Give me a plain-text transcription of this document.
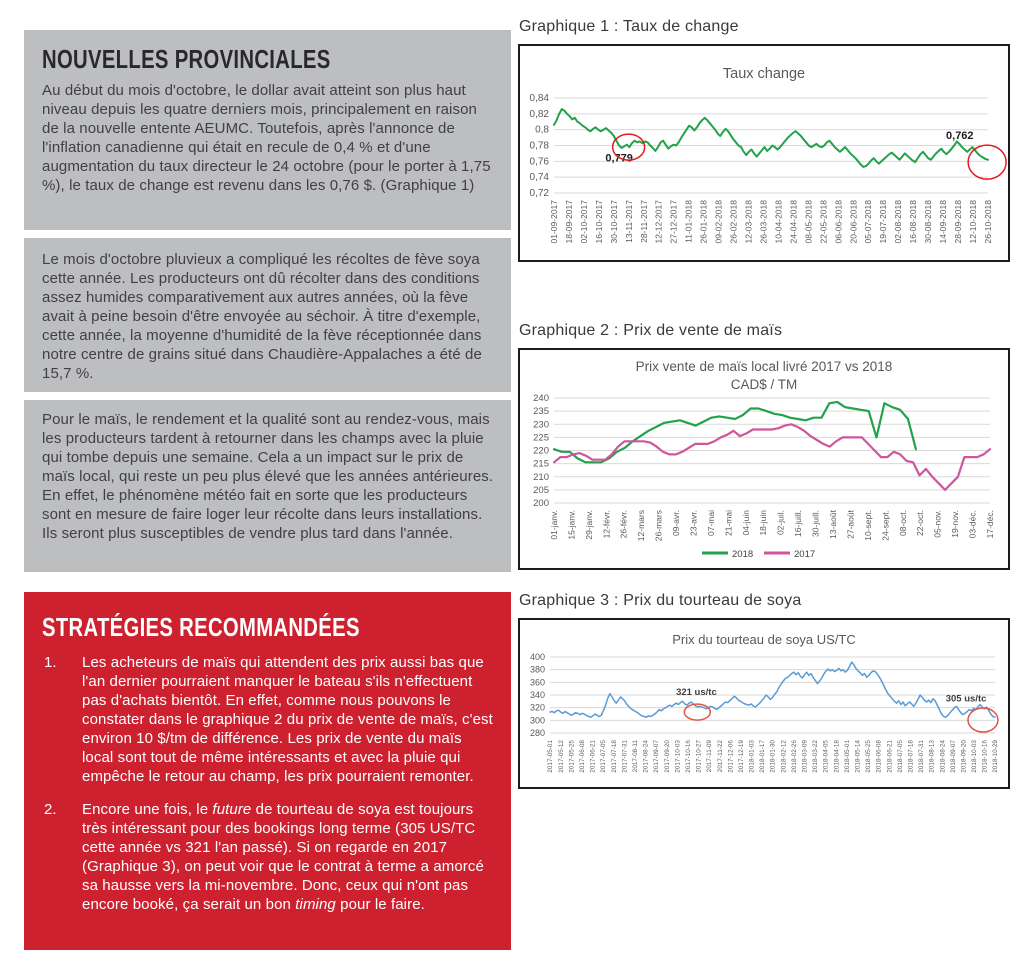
NOUVELLES PROVINCIALES

Au début du mois d'octobre, le dollar avait atteint son plus haut niveau depuis les quatre derniers mois, principalement en raison de la nouvelle entente AEUMC. Toutefois, après l'annonce de l'inflation canadienne qui était en recule de 0,4 % et d'une augmentation du taux directeur le 24 octobre (pour le porter à 1,75 %), le taux de change est revenu dans les 0,76 $. (Graphique 1)

Le mois d'octobre pluvieux a compliqué les récoltes de fève soya cette année. Les producteurs ont dû récolter dans des conditions assez humides comparativement aux autres années, où la fève avait à peine besoin d'être envoyée au séchoir. À titre d'exemple, cette année, la moyenne d'humidité de la fève réceptionnée dans notre centre de grains situé dans Chaudière-Appalaches a été de 15,7 %.

Pour le maïs, le rendement et la qualité sont au rendez-vous, mais les producteurs tardent à retourner dans les champs avec la pluie qui tombe depuis une semaine. Cela a un impact sur le prix de maïs local, qui reste un peu plus élevé que les années antérieures. En effet, le phénomène météo fait en sorte que les producteurs sont en mesure de faire loger leur récolte dans leurs installations. Ils seront plus susceptibles de vendre plus tard dans l'année.

STRATÉGIES RECOMMANDÉES
1.	Les acheteurs de maïs qui attendent des prix aussi bas que l'an dernier pourraient manquer le bateau s'ils n'effectuent pas d'achats bientôt. En effet, comme nous pouvons le constater dans le graphique 2 du prix de vente de maïs, c'est environ 10 $/tm de différence. Les prix de vente du maïs local sont tout de même intéressants et avec la pluie qui empêche le retour au champ, les prix pourraient remonter.
2.	Encore une fois, le future de tourteau de soya est toujours très intéressant pour des bookings long terme (305 US/TC cette année vs 321 l'an passé). Si on regarde en 2017 (Graphique 3), on peut voir que le contrat à terme a amorcé sa hausse vers la mi-novembre. Donc, ceux qui n'ont pas encore booké, ça serait un bon timing pour le faire.
Graphique 1 : Taux de change
Taux change
0,84
0,82
0,8
0,78
0,76
0,74
0,72
01-09-2017 18-09-2017 02-10-2017 16-10-2017 30-10-2017 13-11-2017 28-11-2017 12-12-2017 27-12-2017 11-01-2018 26-01-2018 09-02-2018 26-02-2018 12-03-2018 26-03-2018 10-04-2018 24-04-2018 08-05-2018 22-05-2018 06-06-2018 20-06-2018 05-07-2018 19-07-2018 02-08-2018 16-08-2018 30-08-2018 14-09-2018 28-09-2018 12-10-2018 26-10-2018
0,779
0,762
Graphique 2 : Prix de vente de maïs
Prix vente de maïs local livré 2017 vs 2018
CAD$ / TM
240
235
230
225
220
215
210
205
200
01-janv. 15-janv. 29-janv. 12-févr. 26-févr. 12-mars 26-mars 09-avr. 23-avr. 07-mai 21-mai 04-juin 18-juin 02-juil. 16-juill. 30-juill. 13-août 27-août 10-sept. 24-sept. 08-oct. 22-oct. 05-nov. 19-nov. 03-déc. 17-déc.
2018	2017
Graphique 3 : Prix du tourteau de soya
Prix du tourteau de soya US/TC
400
380
360
340
320
300
280
2017-05-01 2017-05-12 2017-05-25 2017-06-08 2017-06-21 2017-07-05 2017-07-18 2017-07-31 2017-08-11 2017-08-24 2017-09-07 2017-09-20 2017-10-03 2017-10-16 2017-10-27 2017-11-09 2017-11-22 2017-12-06 2017-12-19 2018-01-03 2018-01-17 2018-01-30 2018-02-12 2018-02-26 2018-03-09 2018-03-22 2018-04-05 2018-04-18 2018-05-01 2018-05-14 2018-05-25 2018-06-08 2018-06-21 2018-07-05 2018-07-18 2018-07-31 2018-08-13 2018-08-24 2018-09-07 2018-09-20 2018-10-03 2018-10-16 2018-10-29
321 us/tc
305 us/tc
